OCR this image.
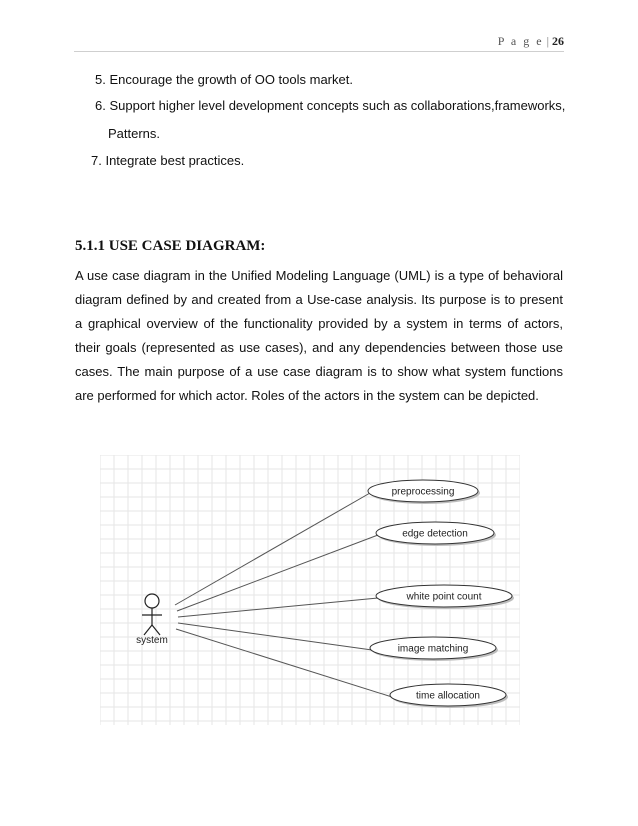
P a g e | 26
5. Encourage the growth of OO tools market.
6. Support higher level development concepts such as collaborations,frameworks,
Patterns.
7. Integrate best practices.
5.1.1 USE CASE DIAGRAM:
A use case diagram in the Unified Modeling Language (UML) is a type of behavioral diagram defined by and created from a Use-case analysis. Its purpose is to present a graphical overview of the functionality provided by a system in terms of actors, their goals (represented as use cases), and any dependencies between those use cases. The main purpose of a use case diagram is to show what system functions are performed for which actor. Roles of the actors in the system can be depicted.
system
preprocessing
edge detection
white point count
image matching
time allocation
